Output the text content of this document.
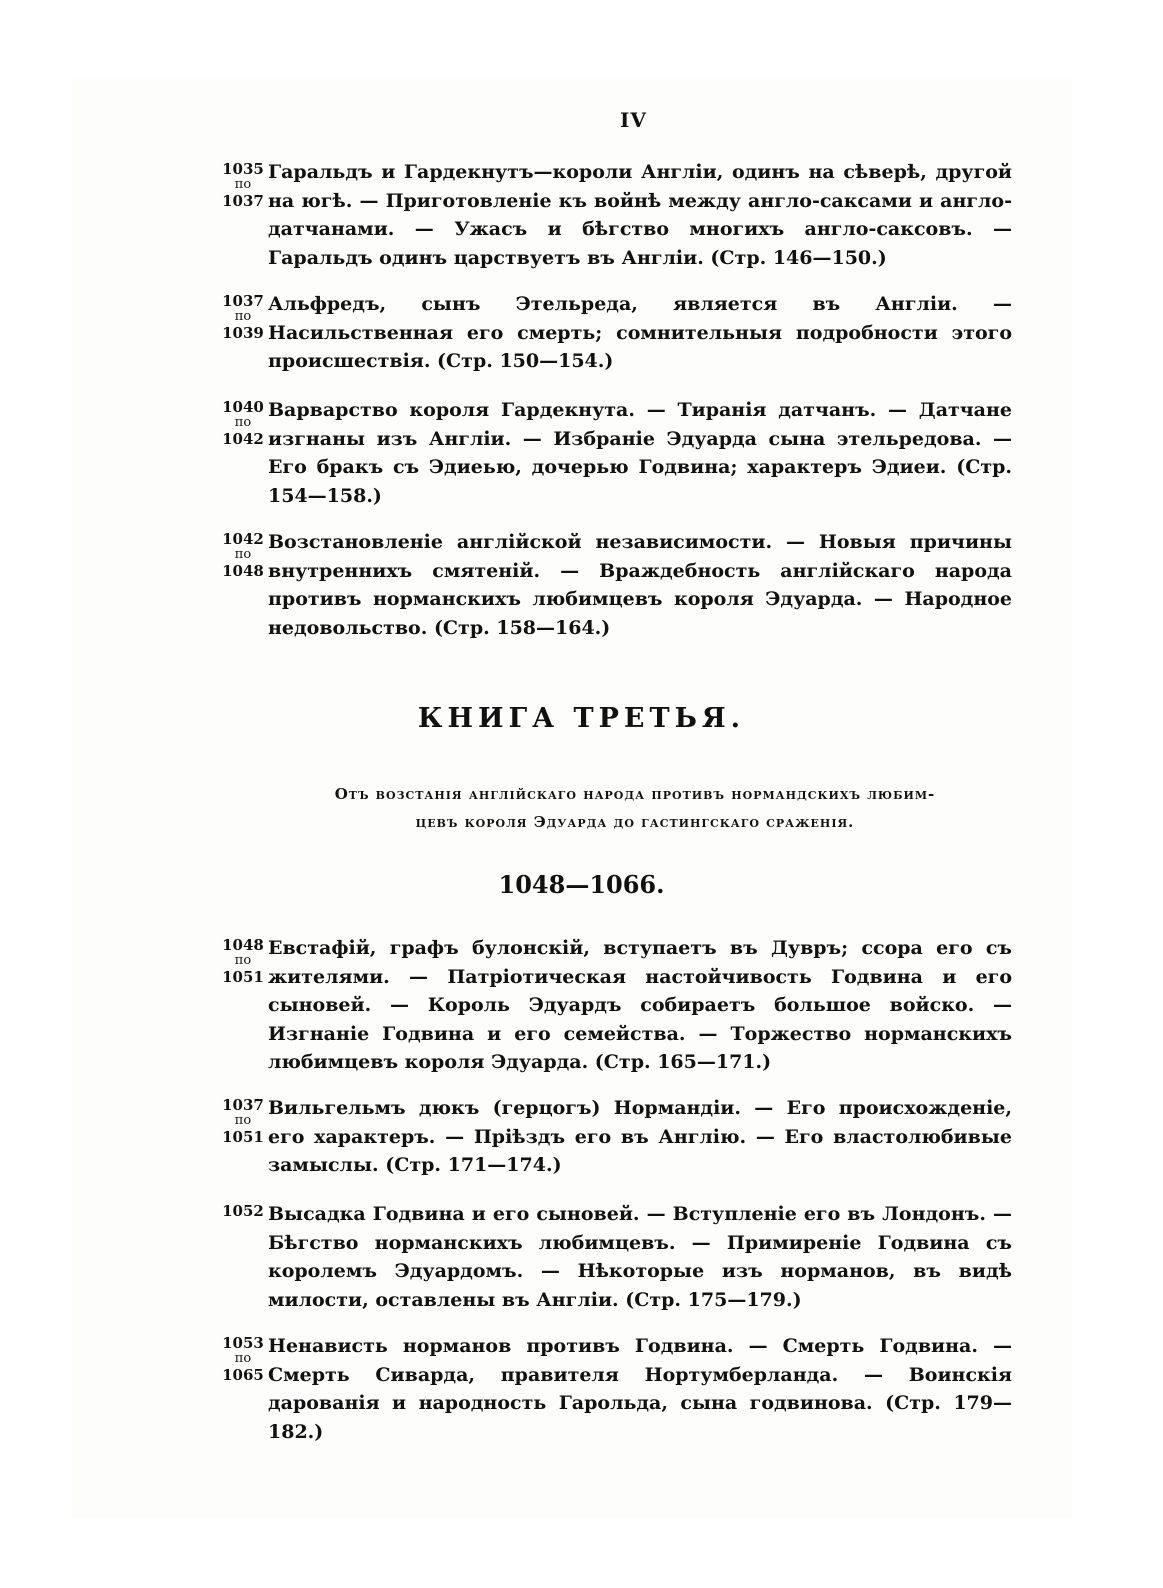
IV
1035
по
1037
Гаральдъ и Гардекнутъ—короли Англіи, одинъ на сѣверѣ, другой на югѣ. — Приготовленіе къ войнѣ между англо-саксами и англо-датчанами. — Ужасъ и бѣгство многихъ англо-саксовъ. — Гаральдъ одинъ царствуетъ въ Англіи. (Стр. 146—150.)
1037
по
1039
Альфредъ, сынъ Этельреда, является въ Англіи. — Насильственная его смерть; сомнительныя подробности этого происшествія. (Стр. 150—154.)
1040
по
1042
Варварство короля Гардекнута. — Тиранія датчанъ. — Датчане изгнаны изъ Англіи. — Избраніе Эдуарда сына этельредова. — Его бракъ съ Эдиеью, дочерью Годвина; характеръ Эдиеи. (Стр. 154—158.)
1042
по
1048
Возстановленіе англійской независимости. — Новыя причины внутреннихъ смятеній. — Враждебность англійскаго народа противъ норманскихъ любимцевъ короля Эдуарда. — Народное недовольство. (Стр. 158—164.)
КНИГА ТРЕТЬЯ.
Отъ возстанія англійскаго народа противъ нормандскихъ любим-
цевъ короля Эдуарда до гастингскаго сраженія.
1048—1066.
1048
по
1051
Евстафій, графъ булонскій, вступаетъ въ Дувръ; ссора его съ жителями. — Патріотическая настойчивость Годвина и его сыновей. — Король Эдуардъ собираетъ большое войско. — Изгнаніе Годвина и его семейства. — Торжество норманскихъ любимцевъ короля Эдуарда. (Стр. 165—171.)
1037
по
1051
Вильгельмъ дюкъ (герцогъ) Нормандіи. — Его происхожденіе, его характеръ. — Пріѣздъ его въ Англію. — Его властолюбивые замыслы. (Стр. 171—174.)
1052 Высадка Годвина и его сыновей. — Вступленіе его въ Лондонъ. — Бѣгство норманскихъ любимцевъ. — Примиреніе Годвина съ королемъ Эдуардомъ. — Нѣкоторые изъ норманов, въ видѣ милости, оставлены въ Англіи. (Стр. 175—179.)
1053
по
1065
Ненависть норманов противъ Годвина. — Смерть Годвина. — Смерть Сиварда, правителя Нортумберланда. — Воинскія дарованія и народность Гарольда, сына годвинова. (Стр. 179—182.)
